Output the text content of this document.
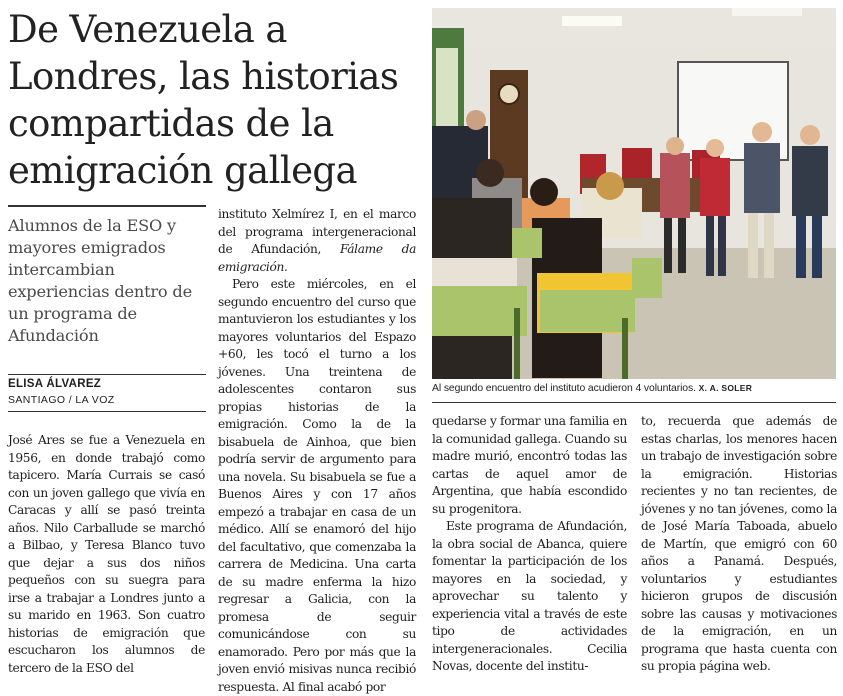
De Venezuela a Londres, las historias compartidas de la emigración gallega
Alumnos de la ESO y mayores emigrados intercambian experiencias dentro de un programa de Afundación
ELISA ÁLVAREZ
SANTIAGO / LA VOZ

José Ares se fue a Venezuela en 1956, en donde trabajó como tapicero. María Currais se casó con un joven gallego que vivía en Caracas y allí se pasó treinta años. Nilo Carballude se marchó a Bilbao, y Teresa Blanco tuvo que dejar a sus dos niños pequeños con su suegra para irse a trabajar a Londres junto a su marido en 1963. Son cuatro historias de emigración que escucharon los alumnos de tercero de la ESO del

instituto Xelmírez I, en el marco del programa intergeneracional de Afundación, Fálame da emigración.

Pero este miércoles, en el segundo encuentro del curso que mantuvieron los estudiantes y los mayores voluntarios del Espazo +60, les tocó el turno a los jóvenes. Una treintena de adolescentes contaron sus propias historias de la emigración. Como la de la bisabuela de Ainhoa, que bien podría servir de argumento para una novela. Su bisabuela se fue a Buenos Aires y con 17 años empezó a trabajar en casa de un médico. Allí se enamoró del hijo del facultativo, que comenzaba la carrera de Medicina. Una carta de su madre enferma la hizo regresar a Galicia, con la promesa de seguir comunicándose con su enamorado. Pero por más que la joven envió misivas nunca recibió respuesta. Al final acabó por

Al segundo encuentro del instituto acudieron 4 voluntarios. X. A. SOLER

quedarse y formar una familia en la comunidad gallega. Cuando su madre murió, encontró todas las cartas de aquel amor de Argentina, que había escondido su progenitora.

Este programa de Afundación, la obra social de Abanca, quiere fomentar la participación de los mayores en la sociedad, y aprovechar su talento y experiencia vital a través de este tipo de actividades intergeneracionales. Cecilia Novas, docente del institu-

to, recuerda que además de estas charlas, los menores hacen un trabajo de investigación sobre la emigración. Historias recientes y no tan recientes, de jóvenes y no tan jóvenes, como la de José María Taboada, abuelo de Martín, que emigró con 60 años a Panamá. Después, voluntarios y estudiantes hicieron grupos de discusión sobre las causas y motivaciones de la emigración, en un programa que hasta cuenta con su propia página web.
